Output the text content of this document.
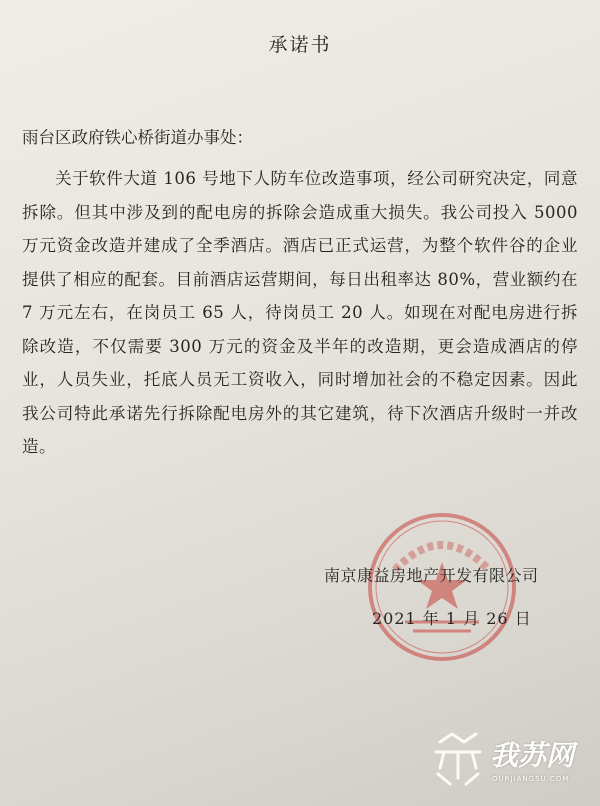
承诺书
雨台区政府铁心桥街道办事处：

关于软件大道 106 号地下人防车位改造事项，经公司研究决定，同意拆除。但其中涉及到的配电房的拆除会造成重大损失。我公司投入 5000 万元资金改造并建成了全季酒店。酒店已正式运营，为整个软件谷的企业提供了相应的配套。目前酒店运营期间，每日出租率达 80%，营业额约在 7 万元左右，在岗员工 65 人，待岗员工 20 人。如现在对配电房进行拆除改造，不仅需要 300 万元的资金及半年的改造期，更会造成酒店的停业，人员失业，托底人员无工资收入，同时增加社会的不稳定因素。因此我公司特此承诺先行拆除配电房外的其它建筑，待下次酒店升级时一并改造。

南京康益房地产开发有限公司
2021 年 1 月 26 日
我苏网
OURJIANGSU.COM
